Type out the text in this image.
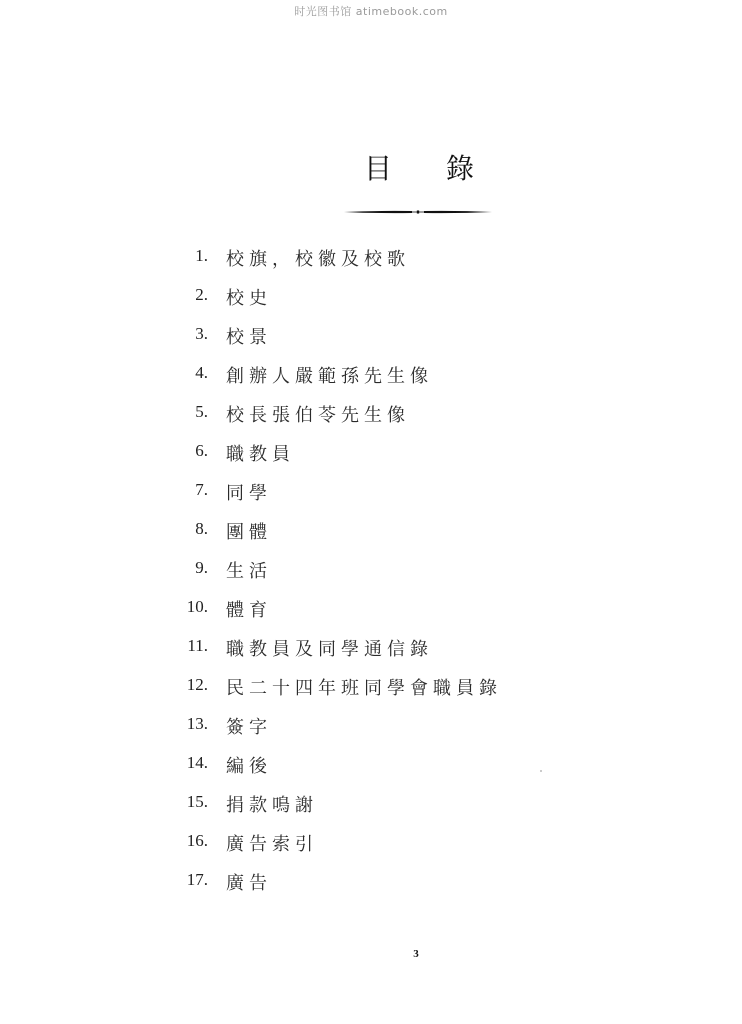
时光图书馆 atimebook.com
目 錄
1. 校旗，校徽及校歌
2. 校史
3. 校景
4. 創辦人嚴範孫先生像
5. 校長張伯苓先生像
6. 職教員
7. 同學
8. 團體
9. 生活
10. 體育
11. 職教員及同學通信錄
12. 民二十四年班同學會職員錄
13. 簽字
14. 編後
15. 捐款鳴謝
16. 廣告索引
17. 廣告
3
